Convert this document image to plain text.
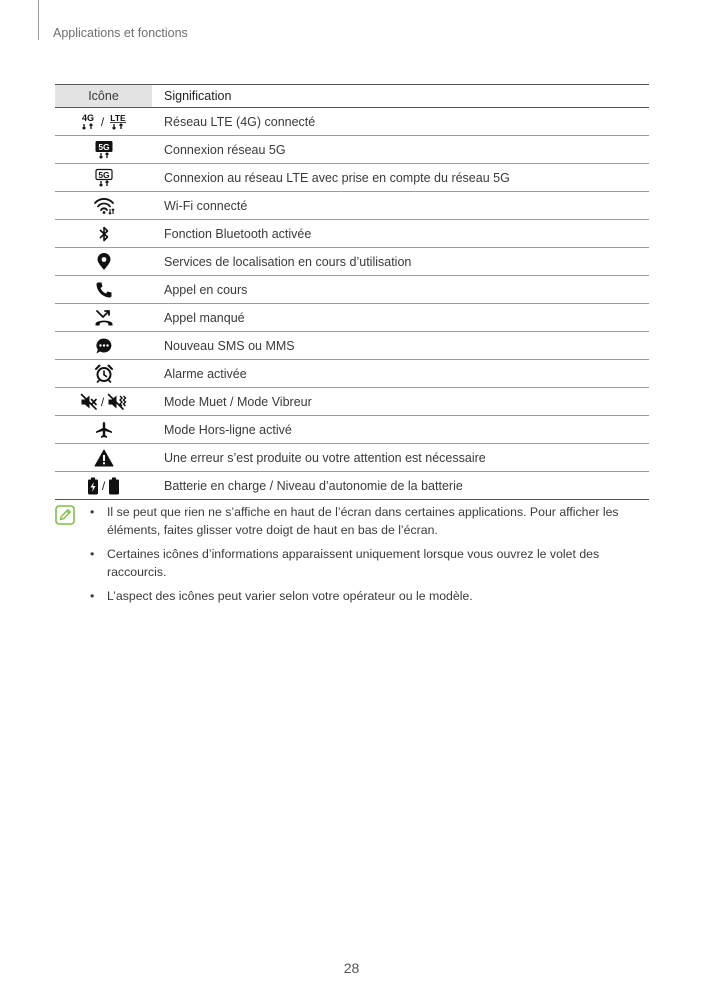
Applications et fonctions
Icône	Signification

4G / LTE	Réseau LTE (4G) connecté

5G	Connexion réseau 5G

5G	Connexion au réseau LTE avec prise en compte du réseau 5G

	Wi-Fi connecté

	Fonction Bluetooth activée

	Services de localisation en cours d’utilisation

	Appel en cours

	Appel manqué

	Nouveau SMS ou MMS

	Alarme activée

/	Mode Muet / Mode Vibreur

	Mode Hors-ligne activé

	Une erreur s’est produite ou votre attention est nécessaire

/	Batterie en charge / Niveau d’autonomie de la batterie
• Il se peut que rien ne s’affiche en haut de l’écran dans certaines applications. Pour afficher les éléments, faites glisser votre doigt de haut en bas de l’écran.
• Certaines icônes d’informations apparaissent uniquement lorsque vous ouvrez le volet des raccourcis.
• L’aspect des icônes peut varier selon votre opérateur ou le modèle.
28
